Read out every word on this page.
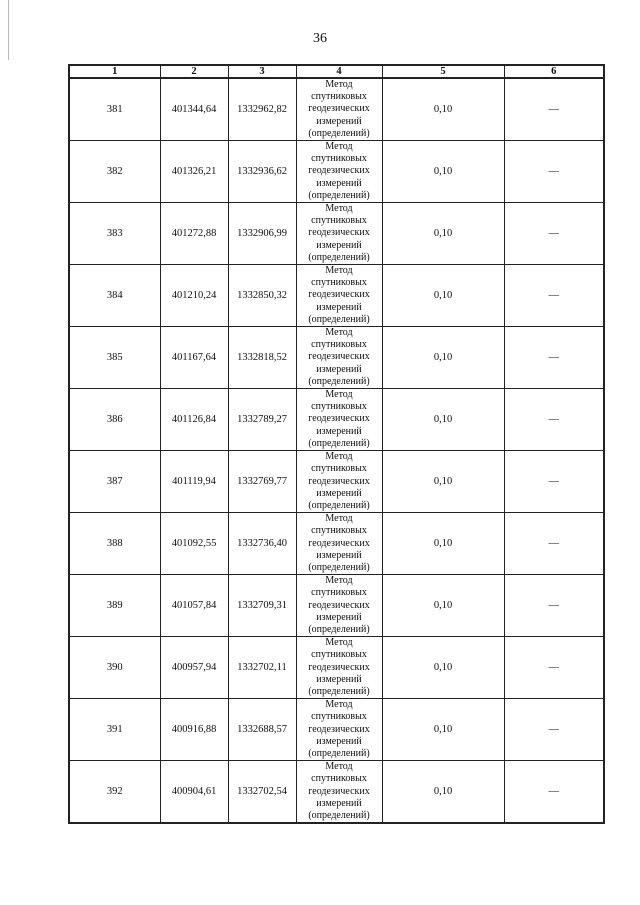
36
1	2	3	4	5	6
381	401344,64	1332962,82	Метод
спутниковых
геодезических
измерений
(определений)	0,10	—
382	401326,21	1332936,62	Метод
спутниковых
геодезических
измерений
(определений)	0,10	—
383	401272,88	1332906,99	Метод
спутниковых
геодезических
измерений
(определений)	0,10	—
384	401210,24	1332850,32	Метод
спутниковых
геодезических
измерений
(определений)	0,10	—
385	401167,64	1332818,52	Метод
спутниковых
геодезических
измерений
(определений)	0,10	—
386	401126,84	1332789,27	Метод
спутниковых
геодезических
измерений
(определений)	0,10	—
387	401119,94	1332769,77	Метод
спутниковых
геодезических
измерений
(определений)	0,10	—
388	401092,55	1332736,40	Метод
спутниковых
геодезических
измерений
(определений)	0,10	—
389	401057,84	1332709,31	Метод
спутниковых
геодезических
измерений
(определений)	0,10	—
390	400957,94	1332702,11	Метод
спутниковых
геодезических
измерений
(определений)	0,10	—
391	400916,88	1332688,57	Метод
спутниковых
геодезических
измерений
(определений)	0,10	—
392	400904,61	1332702,54	Метод
спутниковых
геодезических
измерений
(определений)	0,10	—
